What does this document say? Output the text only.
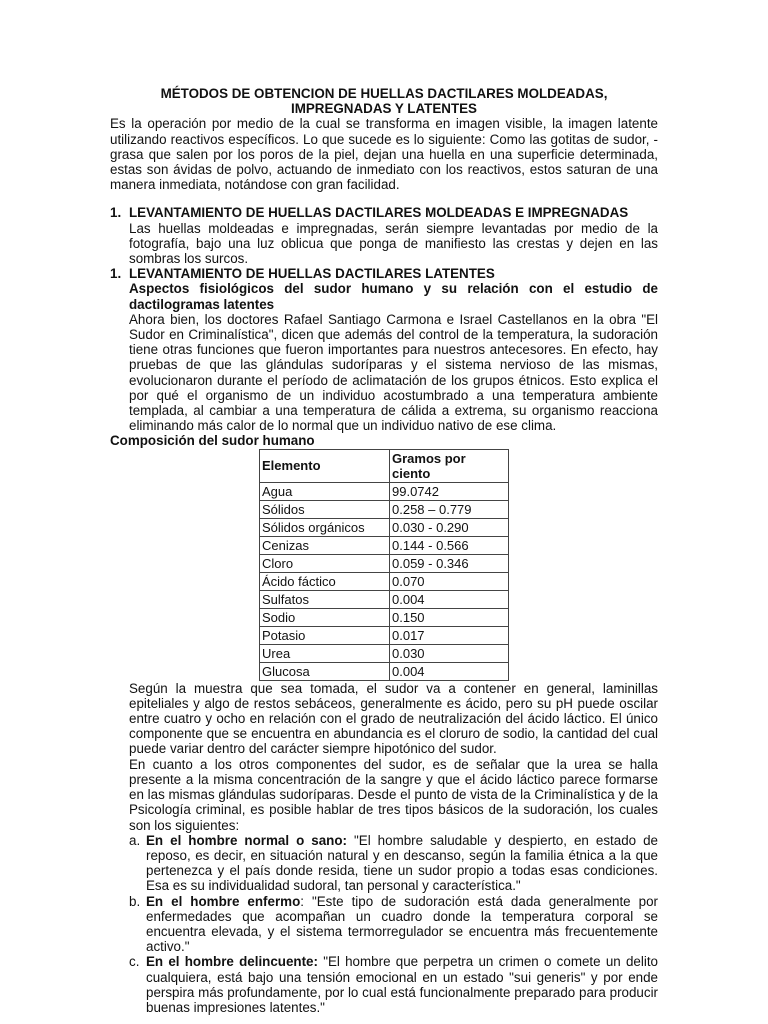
MÉTODOS DE OBTENCION DE HUELLAS DACTILARES MOLDEADAS, IMPREGNADAS Y LATENTES

Es la operación por medio de la cual se transforma en imagen visible, la imagen latente utilizando reactivos específicos. Lo que sucede es lo siguiente: Como las gotitas de sudor, -grasa que salen por los poros de la piel, dejan una huella en una superficie determinada, estas son ávidas de polvo, actuando de inmediato con los reactivos, estos saturan de una manera inmediata, notándose con gran facilidad.

1. LEVANTAMIENTO DE HUELLAS DACTILARES MOLDEADAS E IMPREGNADAS

Las huellas moldeadas e impregnadas, serán siempre levantadas por medio de la fotografía, bajo una luz oblicua que ponga de manifiesto las crestas y dejen en las sombras los surcos.

1. LEVANTAMIENTO DE HUELLAS DACTILARES LATENTES

Aspectos fisiológicos del sudor humano y su relación con el estudio de dactilogramas latentes

Ahora bien, los doctores Rafael Santiago Carmona e Israel Castellanos en la obra "El Sudor en Criminalística", dicen que además del control de la temperatura, la sudoración tiene otras funciones que fueron importantes para nuestros antecesores. En efecto, hay pruebas de que las glándulas sudoríparas y el sistema nervioso de las mismas, evolucionaron durante el período de aclimatación de los grupos étnicos. Esto explica el por qué el organismo de un individuo acostumbrado a una temperatura ambiente templada, al cambiar a una temperatura de cálida a extrema, su organismo reacciona eliminando más calor de lo normal que un individuo nativo de ese clima.

Composición del sudor humano

Elemento	Gramos por ciento
Agua	99.0742
Sólidos	0.258 – 0.779
Sólidos orgánicos	0.030 - 0.290
Cenizas	0.144 - 0.566
Cloro	0.059 - 0.346
Ácido fáctico	0.070
Sulfatos	0.004
Sodio	0.150
Potasio	0.017
Urea	0.030
Glucosa	0.004

Según la muestra que sea tomada, el sudor va a contener en general, laminillas epiteliales y algo de restos sebáceos, generalmente es ácido, pero su pH puede oscilar entre cuatro y ocho en relación con el grado de neutralización del ácido láctico. El único componente que se encuentra en abundancia es el cloruro de sodio, la cantidad del cual puede variar dentro del carácter siempre hipotónico del sudor.

En cuanto a los otros componentes del sudor, es de señalar que la urea se halla presente a la misma concentración de la sangre y que el ácido láctico parece formarse en las mismas glándulas sudoríparas. Desde el punto de vista de la Criminalística y de la Psicología criminal, es posible hablar de tres tipos básicos de la sudoración, los cuales son los siguientes:

a. En el hombre normal o sano: "El hombre saludable y despierto, en estado de reposo, es decir, en situación natural y en descanso, según la familia étnica a la que pertenezca y el país donde resida, tiene un sudor propio a todas esas condiciones. Esa es su individualidad sudoral, tan personal y característica."

b. En el hombre enfermo: "Este tipo de sudoración está dada generalmente por enfermedades que acompañan un cuadro donde la temperatura corporal se encuentra elevada, y el sistema termorregulador se encuentra más frecuentemente activo."

c. En el hombre delincuente: "El hombre que perpetra un crimen o comete un delito cualquiera, está bajo una tensión emocional en un estado "sui generis" y por ende perspira más profundamente, por lo cual está funcionalmente preparado para producir buenas impresiones latentes."
